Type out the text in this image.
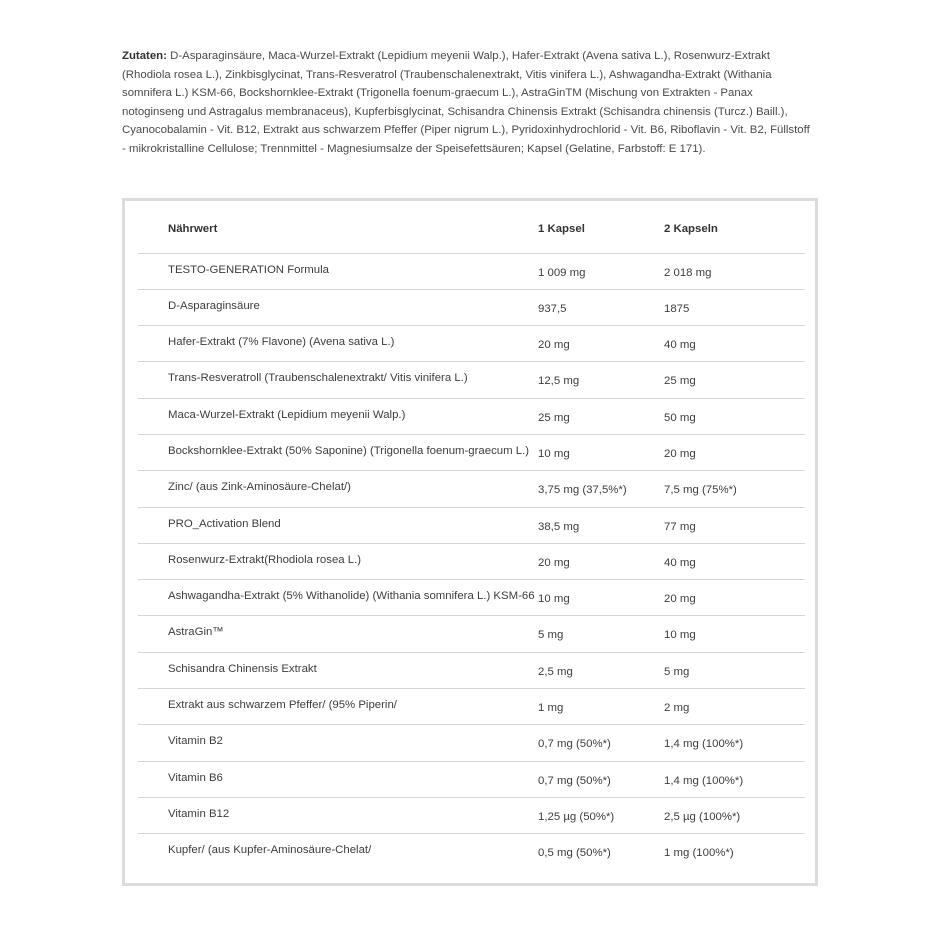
Zutaten: D-Asparaginsäure, Maca-Wurzel-Extrakt (Lepidium meyenii Walp.), Hafer-Extrakt (Avena sativa L.), Rosenwurz-Extrakt (Rhodiola rosea L.), Zinkbisglycinat, Trans-Resveratrol (Traubenschalenextrakt, Vitis vinifera L.), Ashwagandha-Extrakt (Withania somnifera L.) KSM-66, Bockshornklee-Extrakt (Trigonella foenum-graecum L.), AstraGinTM (Mischung von Extrakten - Panax notoginseng und Astragalus membranaceus), Kupferbisglycinat, Schisandra Chinensis Extrakt (Schisandra chinensis (Turcz.) Baill.), Cyanocobalamin - Vit. B12, Extrakt aus schwarzem Pfeffer (Piper nigrum L.), Pyridoxinhydrochlorid - Vit. B6, Riboflavin - Vit. B2, Füllstoff - mikrokristalline Cellulose; Trennmittel - Magnesiumsalze der Speisefettsäuren; Kapsel (Gelatine, Farbstoff: E 171).
Nährwert	1 Kapsel	2 Kapseln
TESTO-GENERATION Formula	1 009 mg	2 018 mg
D-Asparaginsäure	937,5	1875
Hafer-Extrakt (7% Flavone) (Avena sativa L.)	20 mg	40 mg
Trans-Resveratroll (Traubenschalenextrakt/ Vitis vinifera L.)	12,5 mg	25 mg
Maca-Wurzel-Extrakt (Lepidium meyenii Walp.)	25 mg	50 mg
Bockshornklee-Extrakt (50% Saponine) (Trigonella foenum-graecum L.)	10 mg	20 mg
Zinc/ (aus Zink-Aminosäure-Chelat/)	3,75 mg (37,5%*)	7,5 mg (75%*)
PRO_Activation Blend	38,5 mg	77 mg
Rosenwurz-Extrakt(Rhodiola rosea L.)	20 mg	40 mg
Ashwagandha-Extrakt (5% Withanolide) (Withania somnifera L.) KSM-66	10 mg	20 mg
AstraGin™	5 mg	10 mg
Schisandra Chinensis Extrakt	2,5 mg	5 mg
Extrakt aus schwarzem Pfeffer/ (95% Piperin/	1 mg	2 mg
Vitamin B2	0,7 mg (50%*)	1,4 mg (100%*)
Vitamin B6	0,7 mg (50%*)	1,4 mg (100%*)
Vitamin B12	1,25 µg (50%*)	2,5 µg (100%*)
Kupfer/ (aus Kupfer-Aminosäure-Chelat/	0,5 mg (50%*)	1 mg (100%*)
